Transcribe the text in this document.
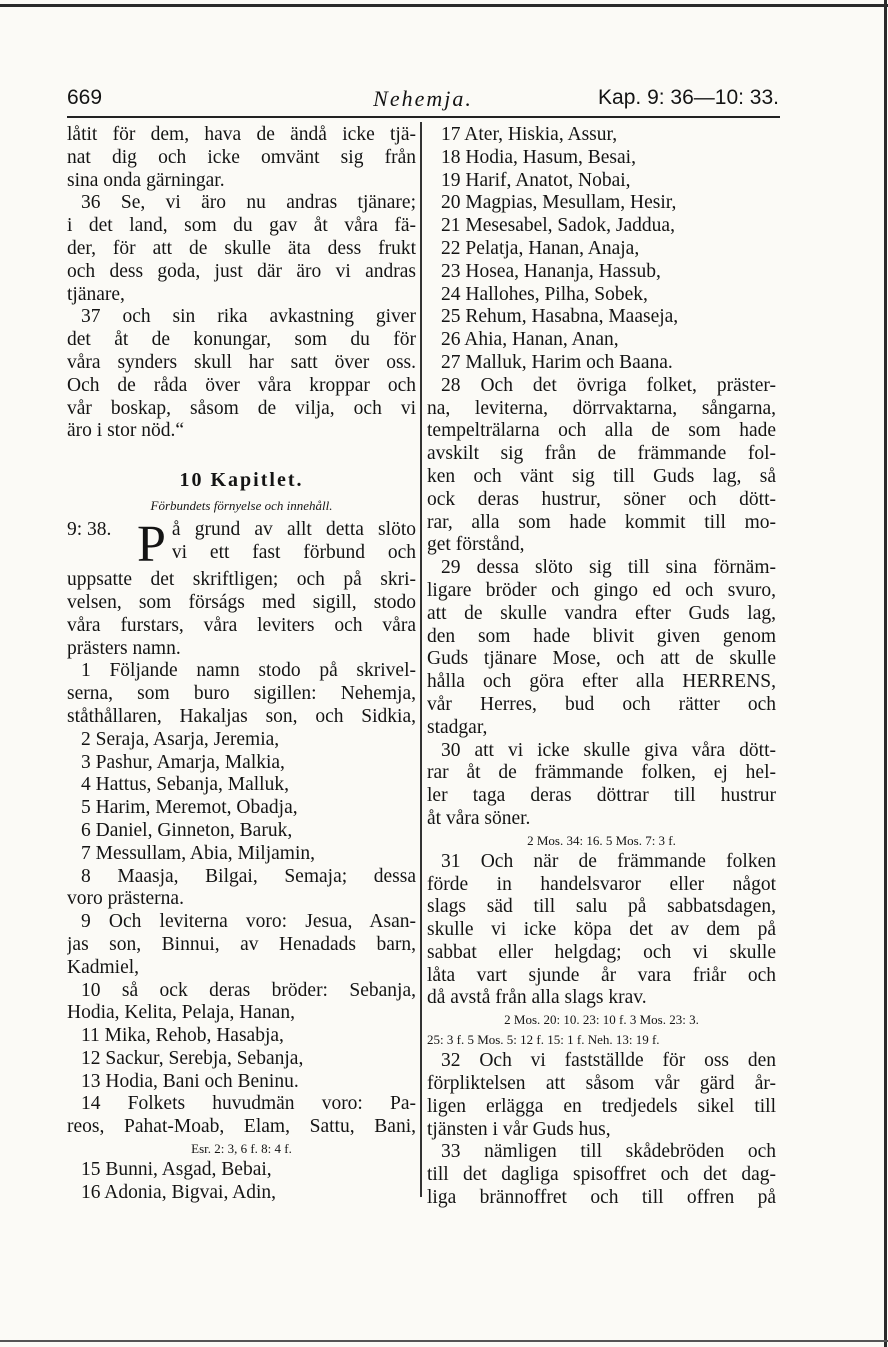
669	Nehemja.	Kap. 9: 36—10: 33.
låtit för dem, hava de ändå icke tjä-
nat dig och icke omvänt sig från
sina onda gärningar.
36 Se, vi äro nu andras tjänare;
i det land, som du gav åt våra fä-
der, för att de skulle äta dess frukt
och dess goda, just där äro vi andras
tjänare,
37 och sin rika avkastning giver
det åt de konungar, som du för
våra synders skull har satt över oss.
Och de råda över våra kroppar och
vår boskap, såsom de vilja, och vi
äro i stor nöd.“
10 Kapitlet.
Förbundets förnyelse och innehåll.
9: 38. P å grund av allt detta slöto
vi ett fast förbund och
uppsatte det skriftligen; och på skri-
velsen, som förságs med sigill, stodo
våra furstars, våra leviters och våra
prästers namn.
1 Följande namn stodo på skrivel-
serna, som buro sigillen: Nehemja,
ståthållaren, Hakaljas son, och Sidkia,
2 Seraja, Asarja, Jeremia,
3 Pashur, Amarja, Malkia,
4 Hattus, Sebanja, Malluk,
5 Harim, Meremot, Obadja,
6 Daniel, Ginneton, Baruk,
7 Messullam, Abia, Miljamin,
8 Maasja, Bilgai, Semaja; dessa
voro prästerna.
9 Och leviterna voro: Jesua, Asan-
jas son, Binnui, av Henadads barn,
Kadmiel,
10 så ock deras bröder: Sebanja,
Hodia, Kelita, Pelaja, Hanan,
11 Mika, Rehob, Hasabja,
12 Sackur, Serebja, Sebanja,
13 Hodia, Bani och Beninu.
14 Folkets huvudmän voro: Pa-
reos, Pahat-Moab, Elam, Sattu, Bani,
Esr. 2: 3, 6 f. 8: 4 f.
15 Bunni, Asgad, Bebai,
16 Adonia, Bigvai, Adin,
17 Ater, Hiskia, Assur,
18 Hodia, Hasum, Besai,
19 Harif, Anatot, Nobai,
20 Magpias, Mesullam, Hesir,
21 Mesesabel, Sadok, Jaddua,
22 Pelatja, Hanan, Anaja,
23 Hosea, Hananja, Hassub,
24 Hallohes, Pilha, Sobek,
25 Rehum, Hasabna, Maaseja,
26 Ahia, Hanan, Anan,
27 Malluk, Harim och Baana.
28 Och det övriga folket, präster-
na, leviterna, dörrvaktarna, sångarna,
tempelträlarna och alla de som hade
avskilt sig från de främmande fol-
ken och vänt sig till Guds lag, så
ock deras hustrur, söner och dött-
rar, alla som hade kommit till mo-
get förstånd,
29 dessa slöto sig till sina förnäm-
ligare bröder och gingo ed och svuro,
att de skulle vandra efter Guds lag,
den som hade blivit given genom
Guds tjänare Mose, och att de skulle
hålla och göra efter alla HERRENS,
vår Herres, bud och rätter och
stadgar,
30 att vi icke skulle giva våra dött-
rar åt de främmande folken, ej hel-
ler taga deras döttrar till hustrur
åt våra söner.
2 Mos. 34: 16. 5 Mos. 7: 3 f.
31 Och när de främmande folken
förde in handelsvaror eller något
slags säd till salu på sabbatsdagen,
skulle vi icke köpa det av dem på
sabbat eller helgdag; och vi skulle
låta vart sjunde år vara friår och
då avstå från alla slags krav.
2 Mos. 20: 10. 23: 10 f. 3 Mos. 23: 3.
25: 3 f. 5 Mos. 5: 12 f. 15: 1 f. Neh. 13: 19 f.
32 Och vi fastställde för oss den
förpliktelsen att såsom vår gärd år-
ligen erlägga en tredjedels sikel till
tjänsten i vår Guds hus,
33 nämligen till skådebröden och
till det dagliga spisoffret och det dag-
liga brännoffret och till offren på
